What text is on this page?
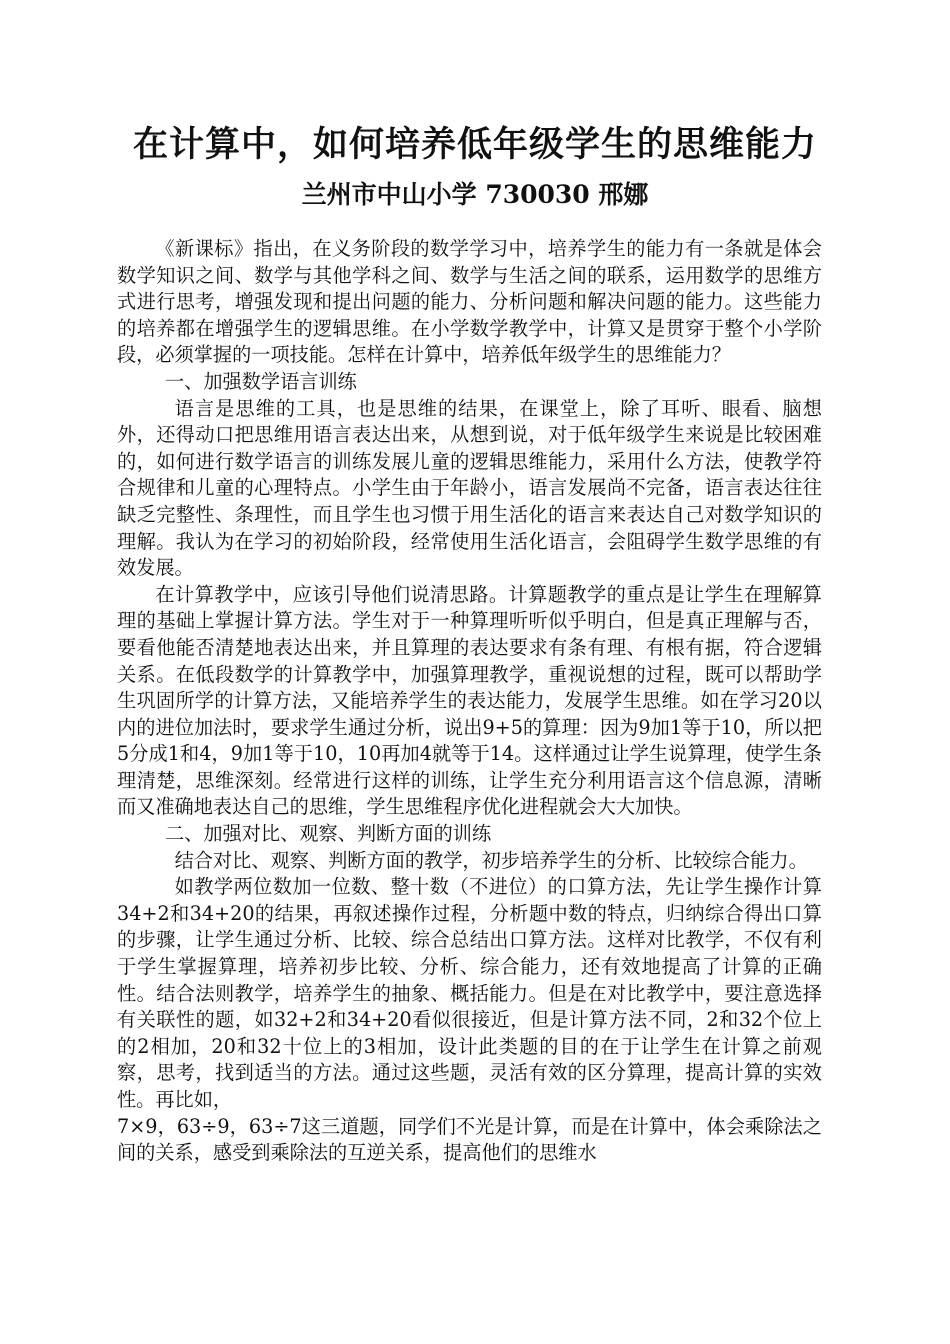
在计算中，如何培养低年级学生的思维能力
兰州市中山小学 730030 邢娜

《新课标》指出，在义务阶段的数学学习中，培养学生的能力有一条就是体会数学知识之间、数学与其他学科之间、数学与生活之间的联系，运用数学的思维方式进行思考，增强发现和提出问题的能力、分析问题和解决问题的能力。这些能力的培养都在增强学生的逻辑思维。在小学数学教学中，计算又是贯穿于整个小学阶段，必须掌握的一项技能。怎样在计算中，培养低年级学生的思维能力？

一、加强数学语言训练

语言是思维的工具，也是思维的结果，在课堂上，除了耳听、眼看、脑想外，还得动口把思维用语言表达出来，从想到说，对于低年级学生来说是比较困难的，如何进行数学语言的训练发展儿童的逻辑思维能力，采用什么方法，使教学符合规律和儿童的心理特点。小学生由于年龄小，语言发展尚不完备，语言表达往往缺乏完整性、条理性，而且学生也习惯于用生活化的语言来表达自己对数学知识的理解。我认为在学习的初始阶段，经常使用生活化语言，会阻碍学生数学思维的有效发展。

在计算教学中，应该引导他们说清思路。计算题教学的重点是让学生在理解算理的基础上掌握计算方法。学生对于一种算理听听似乎明白，但是真正理解与否，要看他能否清楚地表达出来，并且算理的表达要求有条有理、有根有据，符合逻辑关系。在低段数学的计算教学中，加强算理教学，重视说想的过程，既可以帮助学生巩固所学的计算方法，又能培养学生的表达能力，发展学生思维。如在学习20以内的进位加法时，要求学生通过分析，说出9+5的算理：因为9加1等于10，所以把5分成1和4，9加1等于10，10再加4就等于14。这样通过让学生说算理，使学生条理清楚，思维深刻。经常进行这样的训练，让学生充分利用语言这个信息源，清晰而又准确地表达自己的思维，学生思维程序优化进程就会大大加快。

二、加强对比、观察、判断方面的训练

结合对比、观察、判断方面的教学，初步培养学生的分析、比较综合能力。

如教学两位数加一位数、整十数（不进位）的口算方法，先让学生操作计算34+2和34+20的结果，再叙述操作过程，分析题中数的特点，归纳综合得出口算的步骤，让学生通过分析、比较、综合总结出口算方法。这样对比教学，不仅有利于学生掌握算理，培养初步比较、分析、综合能力，还有效地提高了计算的正确性。结合法则教学，培养学生的抽象、概括能力。但是在对比教学中，要注意选择有关联性的题，如32+2和34+20看似很接近，但是计算方法不同，2和32个位上的2相加，20和32十位上的3相加，设计此类题的目的在于让学生在计算之前观察，思考，找到适当的方法。通过这些题，灵活有效的区分算理，提高计算的实效性。再比如，

7×9，63÷9，63÷7这三道题，同学们不光是计算，而是在计算中，体会乘除法之间的关系，感受到乘除法的互逆关系，提高他们的思维水
